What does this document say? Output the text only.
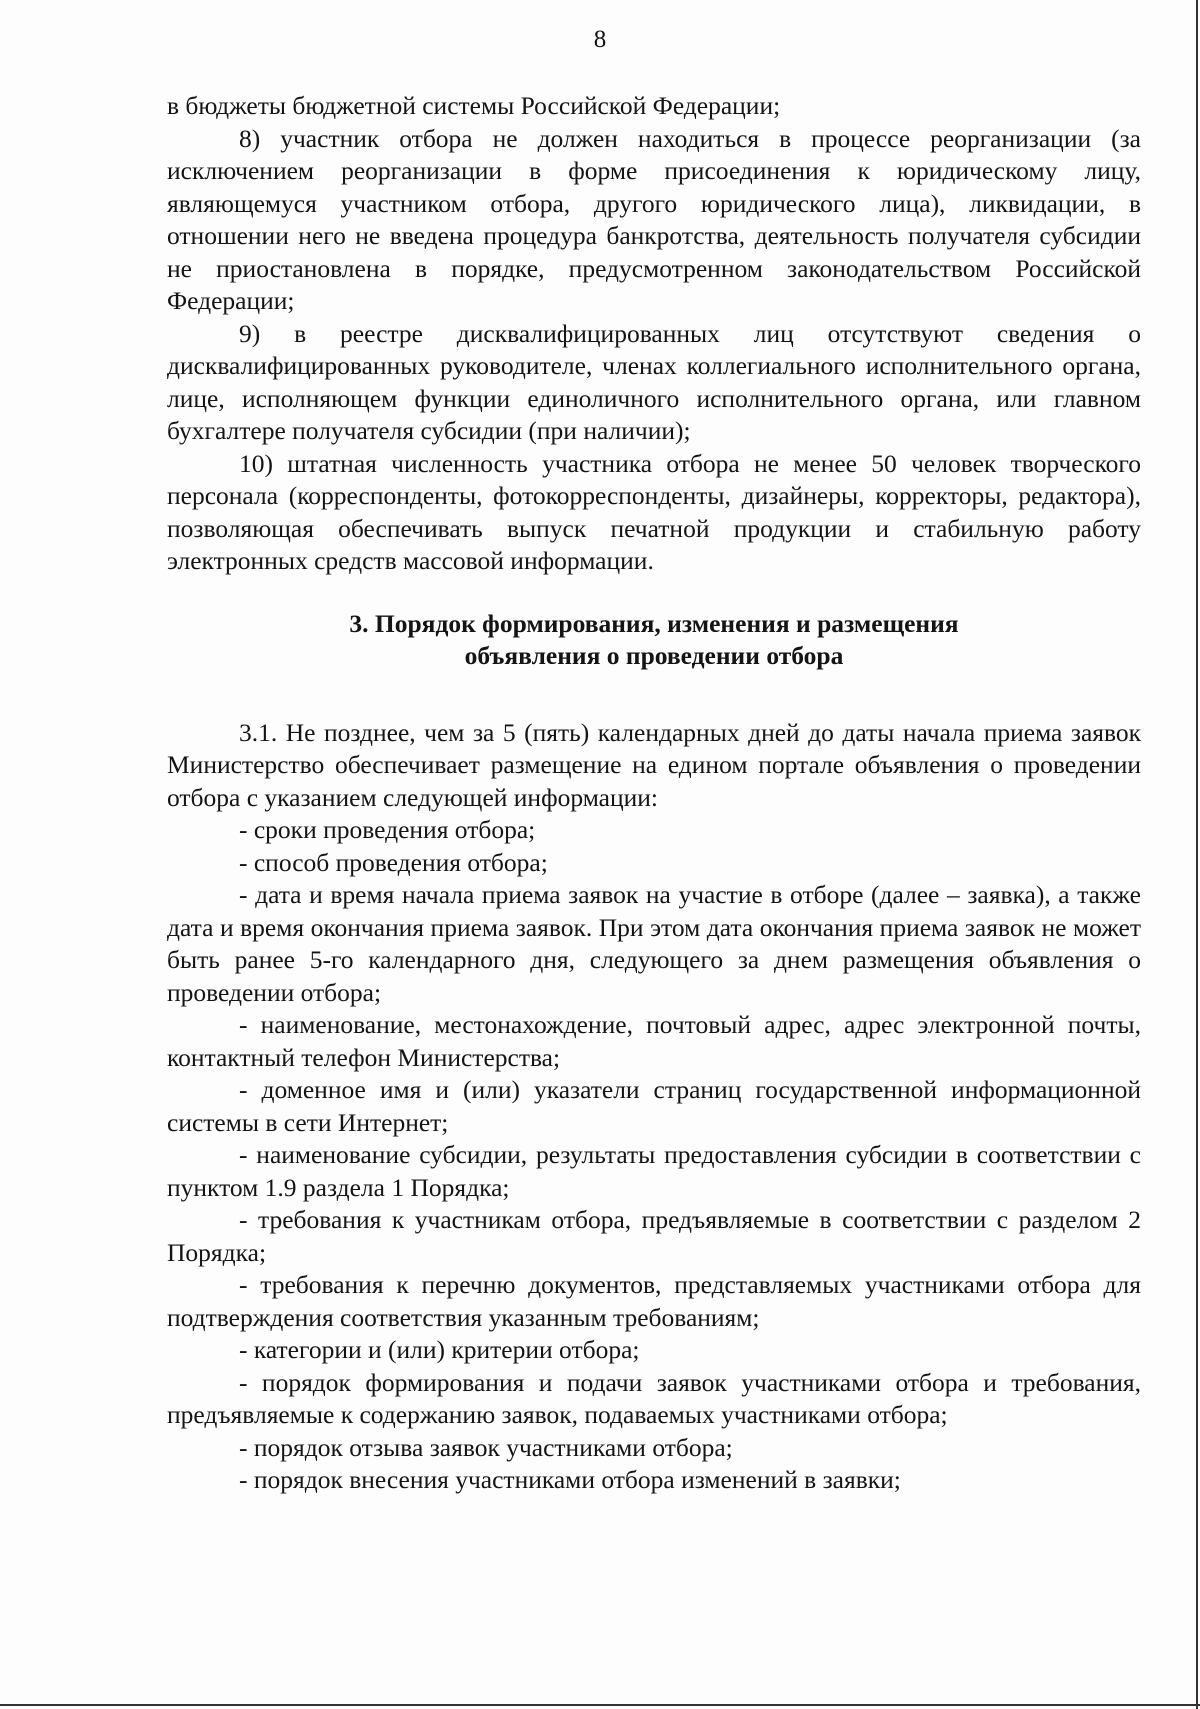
8

в бюджеты бюджетной системы Российской Федерации;

8) участник отбора не должен находиться в процессе реорганизации (за исключением реорганизации в форме присоединения к юридическому лицу, являющемуся участником отбора, другого юридического лица), ликвидации, в отношении него не введена процедура банкротства, деятельность получателя субсидии не приостановлена в порядке, предусмотренном законодательством Российской Федерации;

9) в реестре дисквалифицированных лиц отсутствуют сведения о дисквалифицированных руководителе, членах коллегиального исполнительного органа, лице, исполняющем функции единоличного исполнительного органа, или главном бухгалтере получателя субсидии (при наличии);

10) штатная численность участника отбора не менее 50 человек творческого персонала (корреспонденты, фотокорреспонденты, дизайнеры, корректоры, редактора), позволяющая обеспечивать выпуск печатной продукции и стабильную работу электронных средств массовой информации.

3. Порядок формирования, изменения и размещения
объявления о проведении отбора

3.1. Не позднее, чем за 5 (пять) календарных дней до даты начала приема заявок Министерство обеспечивает размещение на едином портале объявления о проведении отбора с указанием следующей информации:

- сроки проведения отбора;

- способ проведения отбора;

- дата и время начала приема заявок на участие в отборе (далее – заявка), а также дата и время окончания приема заявок. При этом дата окончания приема заявок не может быть ранее 5-го календарного дня, следующего за днем размещения объявления о проведении отбора;

- наименование, местонахождение, почтовый адрес, адрес электронной почты, контактный телефон Министерства;

- доменное имя и (или) указатели страниц государственной информационной системы в сети Интернет;

- наименование субсидии, результаты предоставления субсидии в соответствии с пунктом 1.9 раздела 1 Порядка;

- требования к участникам отбора, предъявляемые в соответствии с разделом 2 Порядка;

- требования к перечню документов, представляемых участниками отбора для подтверждения соответствия указанным требованиям;

- категории и (или) критерии отбора;

- порядок формирования и подачи заявок участниками отбора и требования, предъявляемые к содержанию заявок, подаваемых участниками отбора;

- порядок отзыва заявок участниками отбора;

- порядок внесения участниками отбора изменений в заявки;
